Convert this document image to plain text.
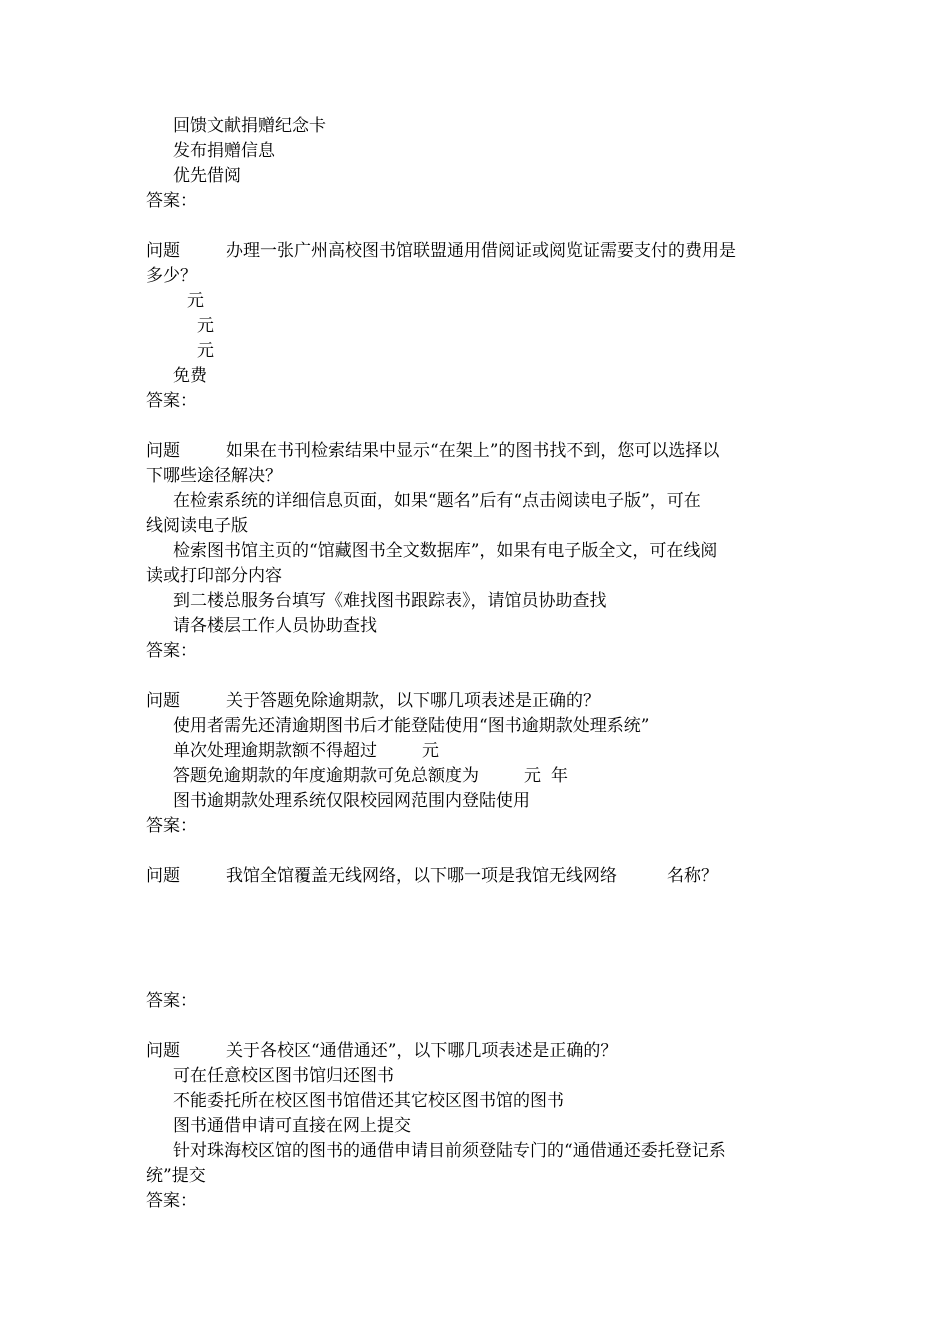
回馈文献捐赠纪念卡
发布捐赠信息
优先借阅
答案：
问题	办理一张广州高校图书馆联盟通用借阅证或阅览证需要支付的费用是
多少？
元
元
元
免费
答案：
问题	如果在书刊检索结果中显示“在架上”的图书找不到，您可以选择以
下哪些途径解决？
在检索系统的详细信息页面，如果“题名”后有“点击阅读电子版”，可在
线阅读电子版
检索图书馆主页的“馆藏图书全文数据库”，如果有电子版全文，可在线阅
读或打印部分内容
到二楼总服务台填写《难找图书跟踪表》，请馆员协助查找
请各楼层工作人员协助查找
答案：
问题	关于答题免除逾期款，以下哪几项表述是正确的？
使用者需先还清逾期图书后才能登陆使用“图书逾期款处理系统”
单次处理逾期款额不得超过	元
答题免逾期款的年度逾期款可免总额度为	元 年
图书逾期款处理系统仅限校园网范围内登陆使用
答案：
问题	我馆全馆覆盖无线网络，以下哪一项是我馆无线网络	名称？
答案：
问题	关于各校区“通借通还”，以下哪几项表述是正确的？
可在任意校区图书馆归还图书
不能委托所在校区图书馆借还其它校区图书馆的图书
图书通借申请可直接在网上提交
针对珠海校区馆的图书的通借申请目前须登陆专门的“通借通还委托登记系
统”提交
答案：
